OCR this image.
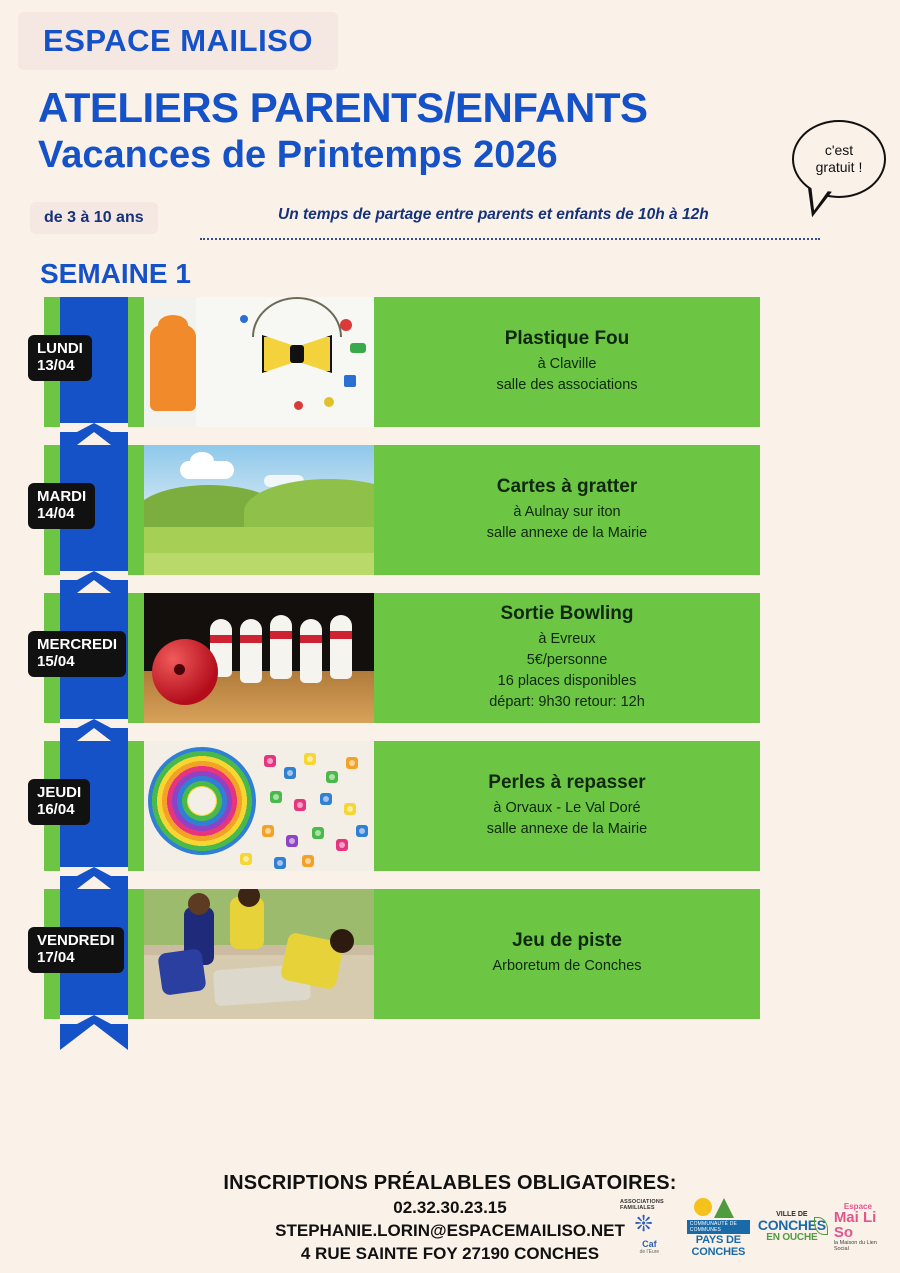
ESPACE MAILISO
ATELIERS PARENTS/ENFANTS
Vacances de Printemps 2026
de 3 à 10 ans	Un temps de partage entre parents et enfants de 10h à 12h
c'est
gratuit !
SEMAINE 1
LUNDI
13/04
Plastique Fou
à Claville
salle des associations
MARDI
14/04
Cartes à gratter
à Aulnay sur iton
salle annexe de la Mairie
MERCREDI
15/04
Sortie Bowling
à Evreux
5€/personne
16 places disponibles
départ: 9h30 retour: 12h
JEUDI
16/04
Perles à repasser
à Orvaux - Le Val Doré
salle annexe de la Mairie
VENDREDI
17/04
Jeu de piste
Arboretum de Conches
INSCRIPTIONS PRÉALABLES OBLIGATOIRES:
02.32.30.23.15
STEPHANIE.LORIN@ESPACEMAILISO.NET
4 RUE SAINTE FOY 27190 CONCHES
ASSOCIATIONS FAMILIALES
❊
Caf
de l'Eure
COMMUNAUTÉ DE COMMUNES
PAYS DE
CONCHES
VILLE DE
CONCHES
EN OUCHE
Espace
Mai Li So
la Maison du Lien Social
